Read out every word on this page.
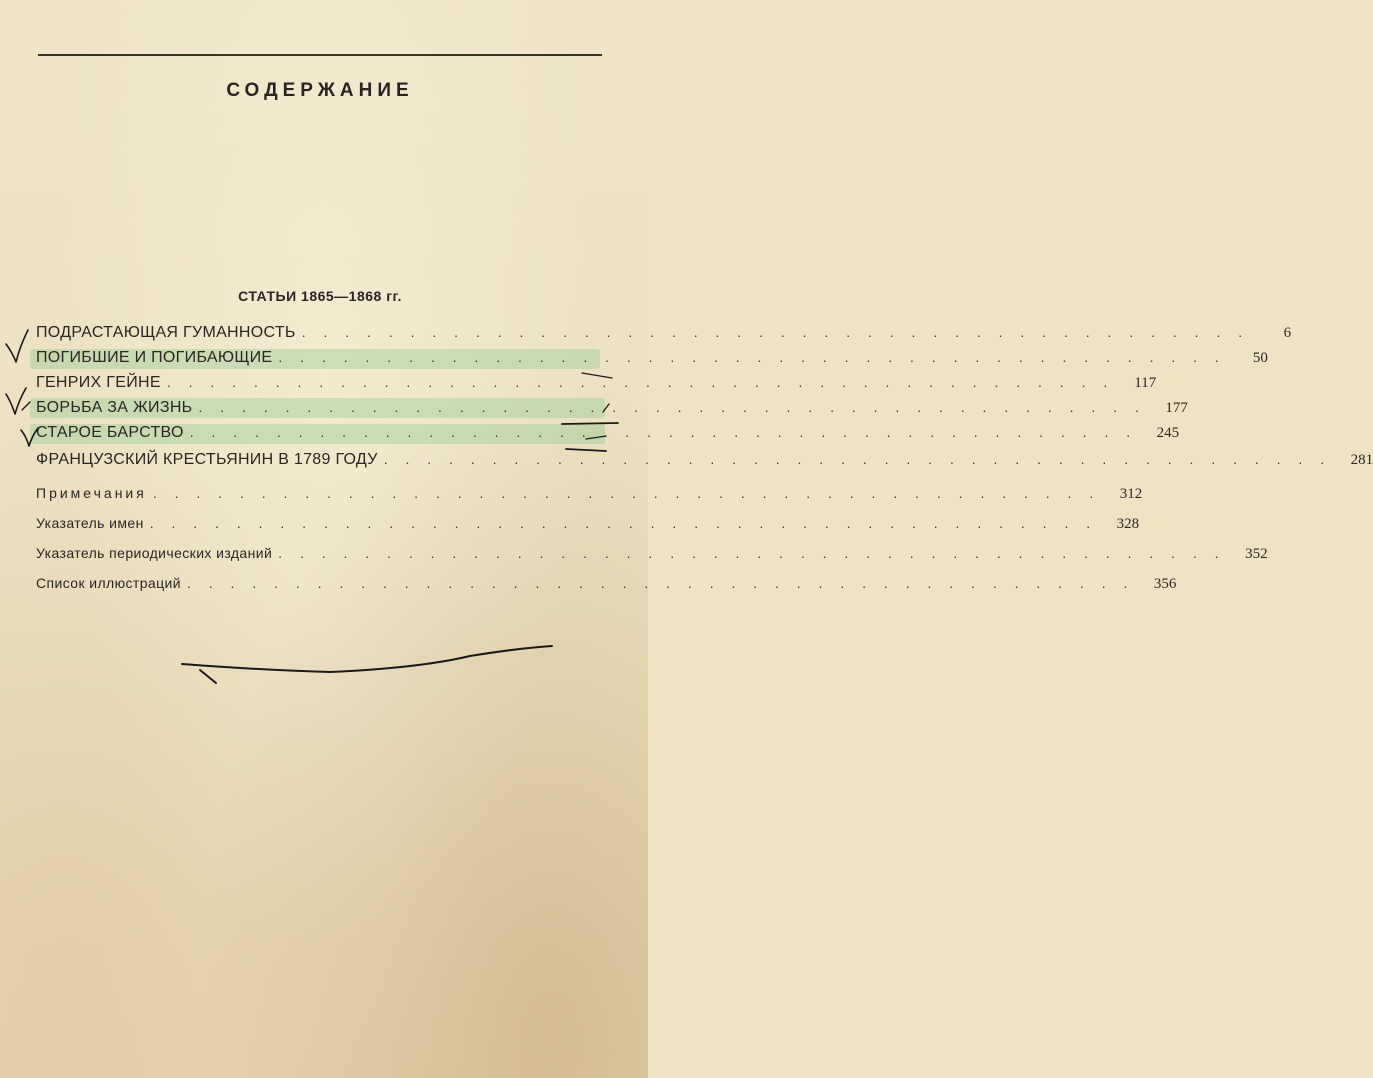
СОДЕРЖАНИЕ
СТАТЬИ 1865—1868 гг.
ПОДРАСТАЮЩАЯ ГУМАННОСТЬ . . . . . . . . . . . . . . . . . . . . . . . . . . . . . . . . . . . . . . . . . . . .	6
ПОГИБШИЕ И ПОГИБАЮЩИЕ . . . . . . . . . . . . . . . . . . . . . . . . . . . . . . . . . . . . . . . . . . . .	50
ГЕНРИХ ГЕЙНЕ . . . . . . . . . . . . . . . . . . . . . . . . . . . . . . . . . . . . . . . . . . . .	117
БОРЬБА ЗА ЖИЗНЬ . . . . . . . . . . . . . . . . . . . . . . . . . . . . . . . . . . . . . . . . . . . .	177
СТАРОЕ БАРСТВО . . . . . . . . . . . . . . . . . . . . . . . . . . . . . . . . . . . . . . . . . . . .	245
ФРАНЦУЗСКИЙ КРЕСТЬЯНИН В 1789 ГОДУ . . . . . . . . . . . . . . . . . . . . . . . . . . . . . . . . . . . . . . . . . . . .	281
Примечания . . . . . . . . . . . . . . . . . . . . . . . . . . . . . . . . . . . . . . . . . . . .	312
Указатель имен . . . . . . . . . . . . . . . . . . . . . . . . . . . . . . . . . . . . . . . . . . . .	328
Указатель периодических изданий . . . . . . . . . . . . . . . . . . . . . . . . . . . . . . . . . . . . . . . . . . . .	352
Список иллюстраций . . . . . . . . . . . . . . . . . . . . . . . . . . . . . . . . . . . . . . . . . . . .	356
